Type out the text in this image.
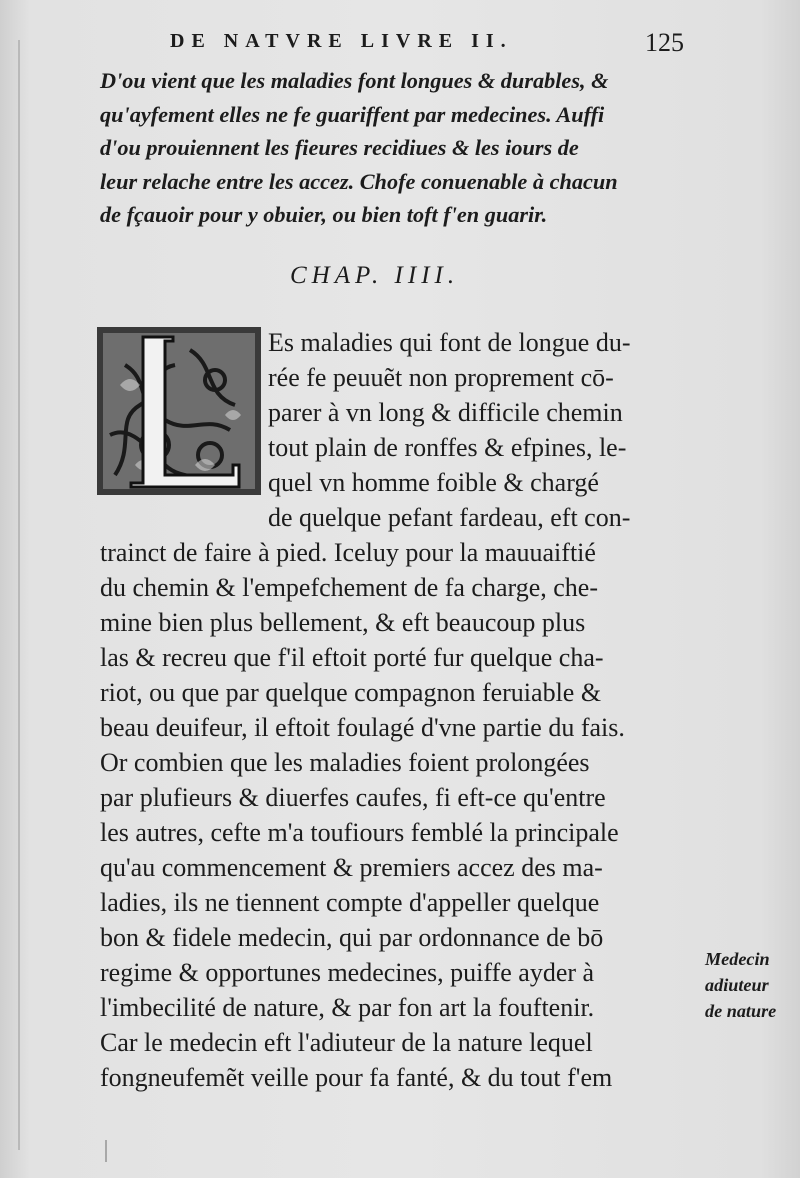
DE NATVRE LIVRE II.	125
D'ou vient que les maladies font longues & durables, &
qu'ayfement elles ne fe guariffent par medecines. Auffi
d'ou prouiennent les fieures recidiues & les iours de
leur relache entre les accez. Chofe conuenable à chacun
de fçauoir pour y obuier, ou bien toft f'en guarir.
CHAP. IIII.
Es maladies qui font de longue du-
rée fe peuuẽt non proprement cō-
parer à vn long & difficile chemin
tout plain de ronffes & efpines, le-
quel vn homme foible & chargé
de quelque pefant fardeau, eft con-
trainct de faire à pied. Iceluy pour la mauuaiftié
du chemin & l'empefchement de fa charge, che-
mine bien plus bellement, & eft beaucoup plus
las & recreu que f'il eftoit porté fur quelque cha-
riot, ou que par quelque compagnon feruiable &
beau deuifeur, il eftoit foulagé d'vne partie du fais.
Or combien que les maladies foient prolongées
par plufieurs & diuerfes caufes, fi eft-ce qu'entre
les autres, cefte m'a toufiours femblé la principale
qu'au commencement & premiers accez des ma-
ladies, ils ne tiennent compte d'appeller quelque
bon & fidele medecin, qui par ordonnance de bō
regime & opportunes medecines, puiffe ayder à
l'imbecilité de nature, & par fon art la fouftenir.
Car le medecin eft l'adiuteur de la nature lequel
fongneufemẽt veille pour fa fanté, & du tout f'em
Medecin
adiuteur
de nature
